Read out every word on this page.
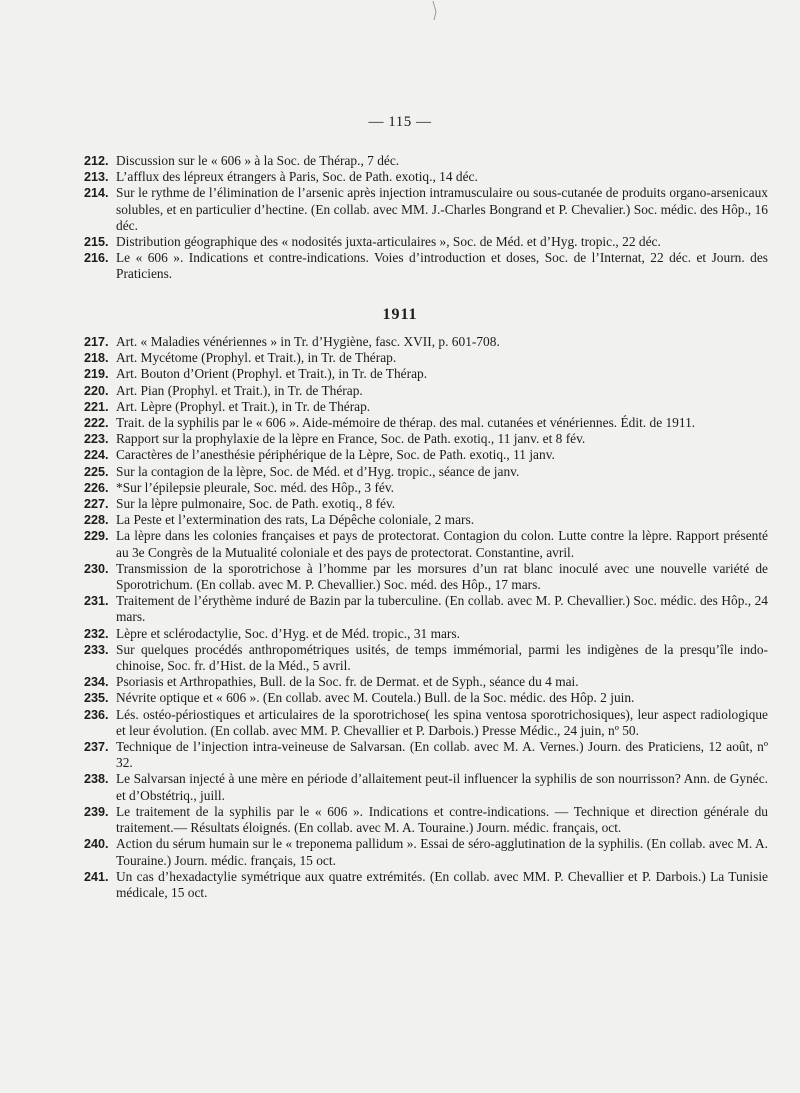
— 115 —
212. Discussion sur le « 606 » à la Soc. de Thérap., 7 déc.
213. L’afflux des lépreux étrangers à Paris, Soc. de Path. exotiq., 14 déc.
214. Sur le rythme de l’élimination de l’arsenic après injection intramusculaire ou sous-cutanée de produits organo-arsenicaux solubles, et en particulier d’hectine. (En collab. avec MM. J.-Charles Bongrand et P. Chevalier.) Soc. médic. des Hôp., 16 déc.
215. Distribution géographique des « nodosités juxta-articulaires », Soc. de Méd. et d’Hyg. tropic., 22 déc.
216. Le « 606 ». Indications et contre-indications. Voies d’introduction et doses, Soc. de l’Internat, 22 déc. et Journ. des Praticiens.
1911
217. Art. « Maladies vénériennes » in Tr. d’Hygiène, fasc. XVII, p. 601-708.
218. Art. Mycétome (Prophyl. et Trait.), in Tr. de Thérap.
219. Art. Bouton d’Orient (Prophyl. et Trait.), in Tr. de Thérap.
220. Art. Pian (Prophyl. et Trait.), in Tr. de Thérap.
221. Art. Lèpre (Prophyl. et Trait.), in Tr. de Thérap.
222. Trait. de la syphilis par le « 606 ». Aide-mémoire de thérap. des mal. cutanées et vénériennes. Édit. de 1911.
223. Rapport sur la prophylaxie de la lèpre en France, Soc. de Path. exotiq., 11 janv. et 8 fév.
224. Caractères de l’anesthésie périphérique de la Lèpre, Soc. de Path. exotiq., 11 janv.
225. Sur la contagion de la lèpre, Soc. de Méd. et d’Hyg. tropic., séance de janv.
226. *Sur l’épilepsie pleurale, Soc. méd. des Hôp., 3 fév.
227. Sur la lèpre pulmonaire, Soc. de Path. exotiq., 8 fév.
228. La Peste et l’extermination des rats, La Dépêche coloniale, 2 mars.
229. La lèpre dans les colonies françaises et pays de protectorat. Contagion du colon. Lutte contre la lèpre. Rapport présenté au 3e Congrès de la Mutualité coloniale et des pays de protectorat. Constantine, avril.
230. Transmission de la sporotrichose à l’homme par les morsures d’un rat blanc inoculé avec une nouvelle variété de Sporotrichum. (En collab. avec M. P. Chevallier.) Soc. méd. des Hôp., 17 mars.
231. Traitement de l’érythème induré de Bazin par la tuberculine. (En collab. avec M. P. Chevallier.) Soc. médic. des Hôp., 24 mars.
232. Lèpre et sclérodactylie, Soc. d’Hyg. et de Méd. tropic., 31 mars.
233. Sur quelques procédés anthropométriques usités, de temps immémorial, parmi les indigènes de la presqu’île indo-chinoise, Soc. fr. d’Hist. de la Méd., 5 avril.
234. Psoriasis et Arthropathies, Bull. de la Soc. fr. de Dermat. et de Syph., séance du 4 mai.
235. Névrite optique et « 606 ». (En collab. avec M. Coutela.) Bull. de la Soc. médic. des Hôp. 2 juin.
236. Lés. ostéo-périostiques et articulaires de la sporotrichose( les spina ventosa sporotrichosiques), leur aspect radiologique et leur évolution. (En collab. avec MM. P. Chevallier et P. Darbois.) Presse Médic., 24 juin, nº 50.
237. Technique de l’injection intra-veineuse de Salvarsan. (En collab. avec M. A. Vernes.) Journ. des Praticiens, 12 août, nº 32.
238. Le Salvarsan injecté à une mère en période d’allaitement peut-il influencer la syphilis de son nourrisson? Ann. de Gynéc. et d’Obstétriq., juill.
239. Le traitement de la syphilis par le « 606 ». Indications et contre-indications. — Technique et direction générale du traitement.— Résultats éloignés. (En collab. avec M. A. Touraine.) Journ. médic. français, oct.
240. Action du sérum humain sur le « treponema pallidum ». Essai de séro-agglutination de la syphilis. (En collab. avec M. A. Touraine.) Journ. médic. français, 15 oct.
241. Un cas d’hexadactylie symétrique aux quatre extrémités. (En collab. avec MM. P. Chevallier et P. Darbois.) La Tunisie médicale, 15 oct.
